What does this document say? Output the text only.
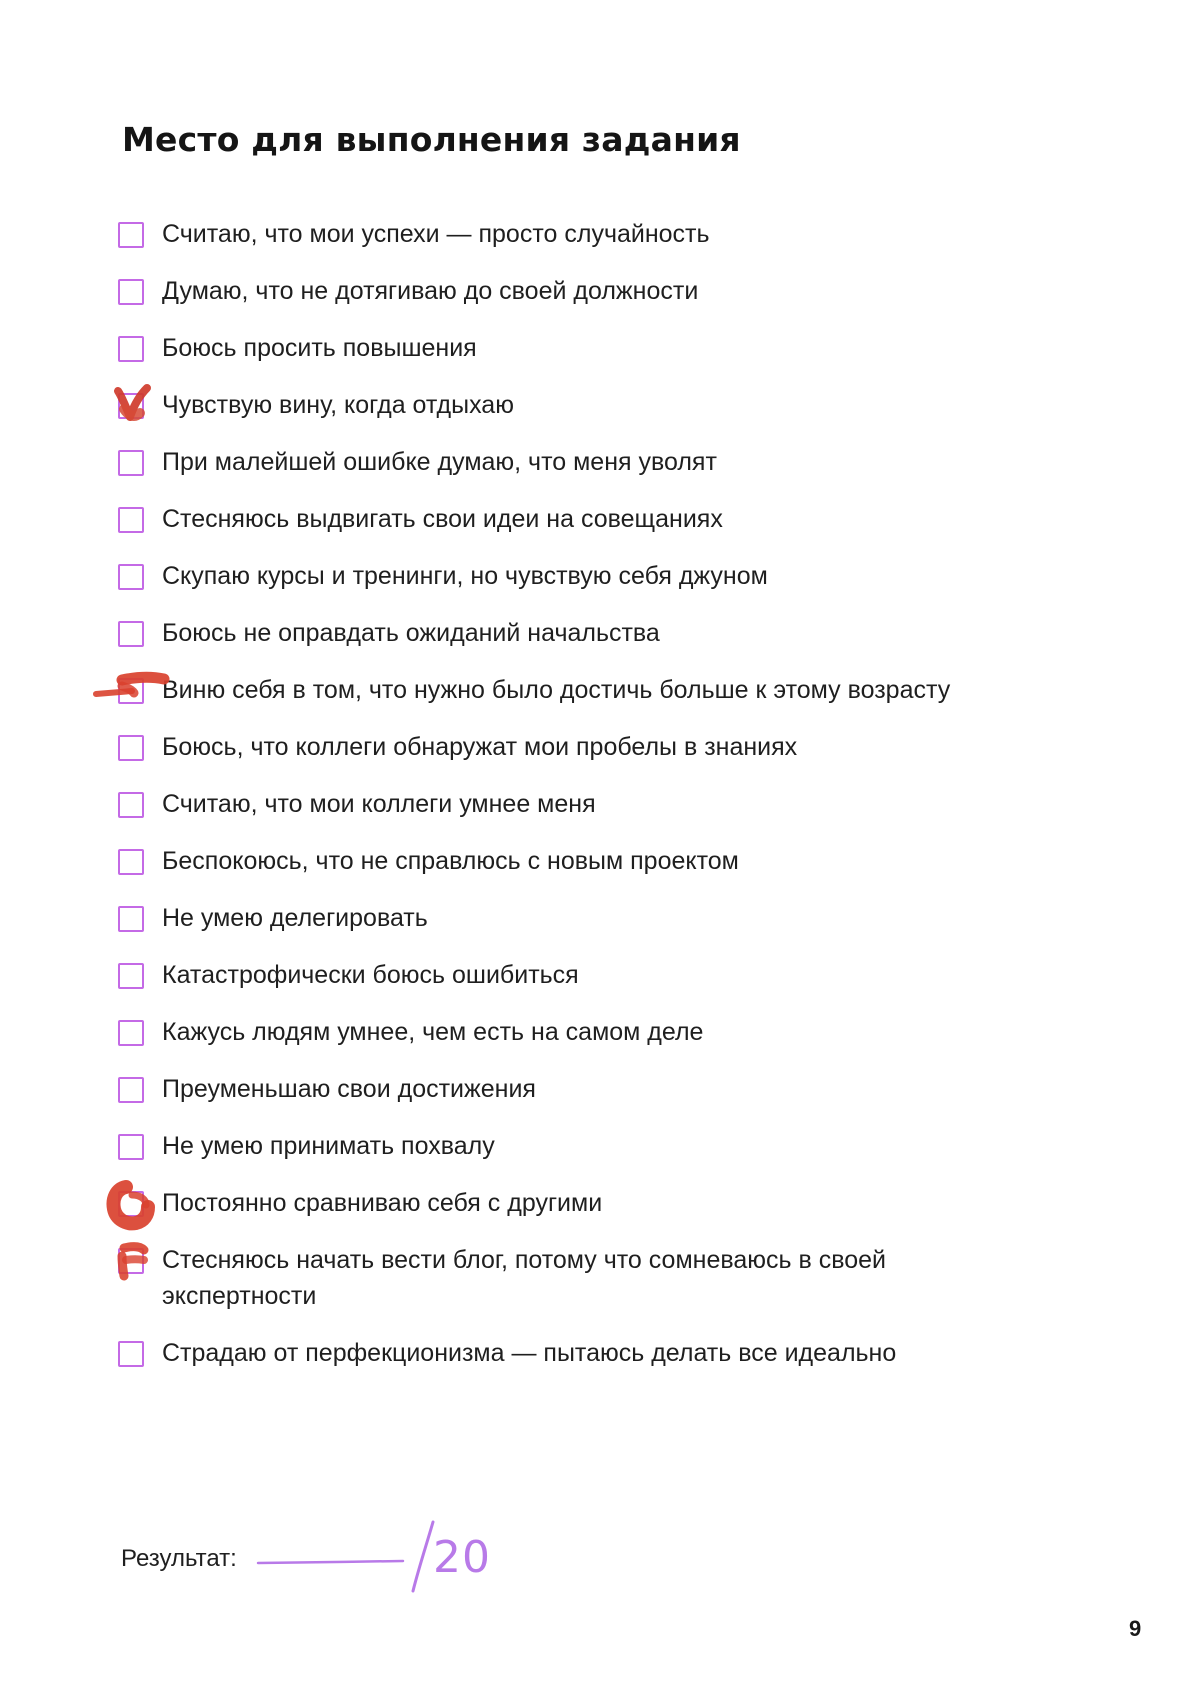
Место для выполнения задания
Считаю, что мои успехи — просто случайность
Думаю, что не дотягиваю до своей должности
Боюсь просить повышения
Чувствую вину, когда отдыхаю
При малейшей ошибке думаю, что меня уволят
Стесняюсь выдвигать свои идеи на совещаниях
Скупаю курсы и тренинги, но чувствую себя джуном
Боюсь не оправдать ожиданий начальства
Виню себя в том, что нужно было достичь больше к этому возрасту
Боюсь, что коллеги обнаружат мои пробелы в знаниях
Считаю, что мои коллеги умнее меня
Беспокоюсь, что не справлюсь с новым проектом
Не умею делегировать
Катастрофически боюсь ошибиться
Кажусь людям умнее, чем есть на самом деле
Преуменьшаю свои достижения
Не умею принимать похвалу
Постоянно сравниваю себя с другими
Стесняюсь начать вести блог, потому что сомневаюсь в своей экспертности
Страдаю от перфекционизма — пытаюсь делать все идеально
Результат:	20
9
